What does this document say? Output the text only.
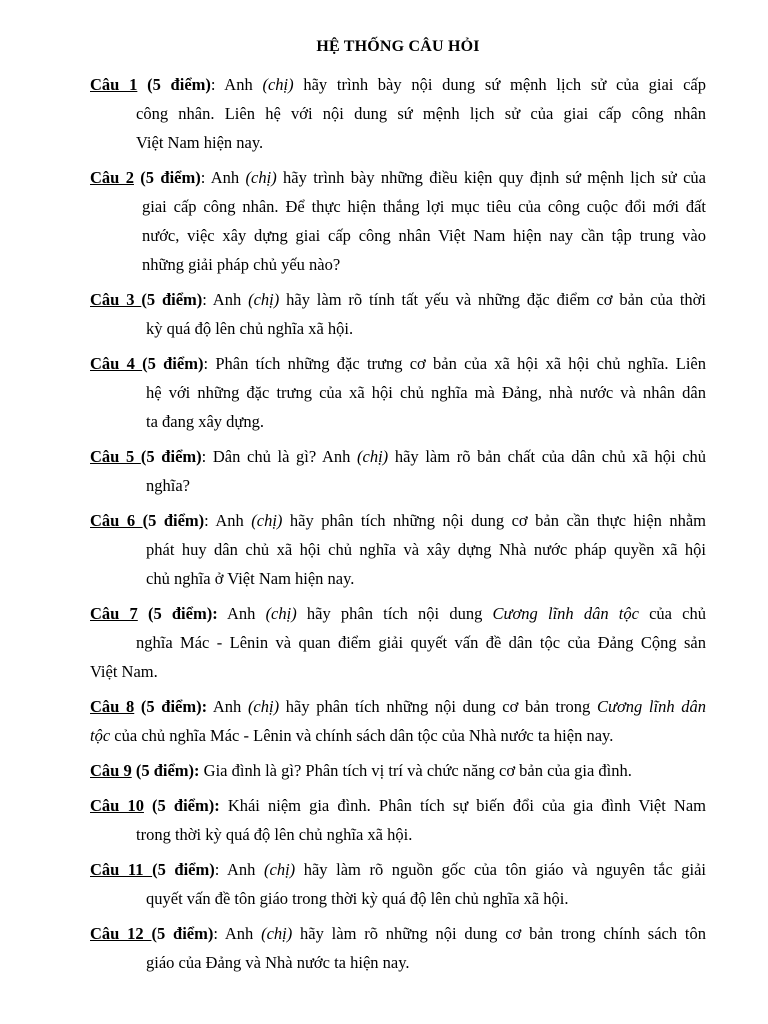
HỆ THỐNG CÂU HỎI
Câu 1 (5 điểm): Anh (chị) hãy trình bày nội dung sứ mệnh lịch sử của giai cấp
công nhân. Liên hệ với nội dung sứ mệnh lịch sử của giai cấp công nhân
Việt Nam hiện nay.
Câu 2 (5 điểm): Anh (chị) hãy trình bày những điều kiện quy định sứ mệnh lịch sử của
giai cấp công nhân. Để thực hiện thắng lợi mục tiêu của công cuộc đổi mới đất
nước, việc xây dựng giai cấp công nhân Việt Nam hiện nay cần tập trung vào
những giải pháp chủ yếu nào?
Câu 3 (5 điểm): Anh (chị) hãy làm rõ tính tất yếu và những đặc điểm cơ bản của thời
kỳ quá độ lên chủ nghĩa xã hội.
Câu 4 (5 điểm): Phân tích những đặc trưng cơ bản của xã hội xã hội chủ nghĩa. Liên
hệ với những đặc trưng của xã hội chủ nghĩa mà Đảng, nhà nước và nhân dân
ta đang xây dựng.
Câu 5 (5 điểm): Dân chủ là gì? Anh (chị) hãy làm rõ bản chất của dân chủ xã hội chủ
nghĩa?
Câu 6 (5 điểm): Anh (chị) hãy phân tích những nội dung cơ bản cần thực hiện nhằm
phát huy dân chủ xã hội chủ nghĩa và xây dựng Nhà nước pháp quyền xã hội
chủ nghĩa ở Việt Nam hiện nay.
Câu 7 (5 điểm): Anh (chị) hãy phân tích nội dung Cương lĩnh dân tộc của chủ
nghĩa Mác - Lênin và quan điểm giải quyết vấn đề dân tộc của Đảng Cộng sản
Việt Nam.
Câu 8 (5 điểm): Anh (chị) hãy phân tích những nội dung cơ bản trong Cương lĩnh dân
tộc của chủ nghĩa Mác - Lênin và chính sách dân tộc của Nhà nước ta hiện nay.
Câu 9 (5 điểm): Gia đình là gì? Phân tích vị trí và chức năng cơ bản của gia đình.
Câu 10 (5 điểm): Khái niệm gia đình. Phân tích sự biến đổi của gia đình Việt Nam
trong thời kỳ quá độ lên chủ nghĩa xã hội.
Câu 11 (5 điểm): Anh (chị) hãy làm rõ nguồn gốc của tôn giáo và nguyên tắc giải
quyết vấn đề tôn giáo trong thời kỳ quá độ lên chủ nghĩa xã hội.
Câu 12 (5 điểm): Anh (chị) hãy làm rõ những nội dung cơ bản trong chính sách tôn
giáo của Đảng và Nhà nước ta hiện nay.
